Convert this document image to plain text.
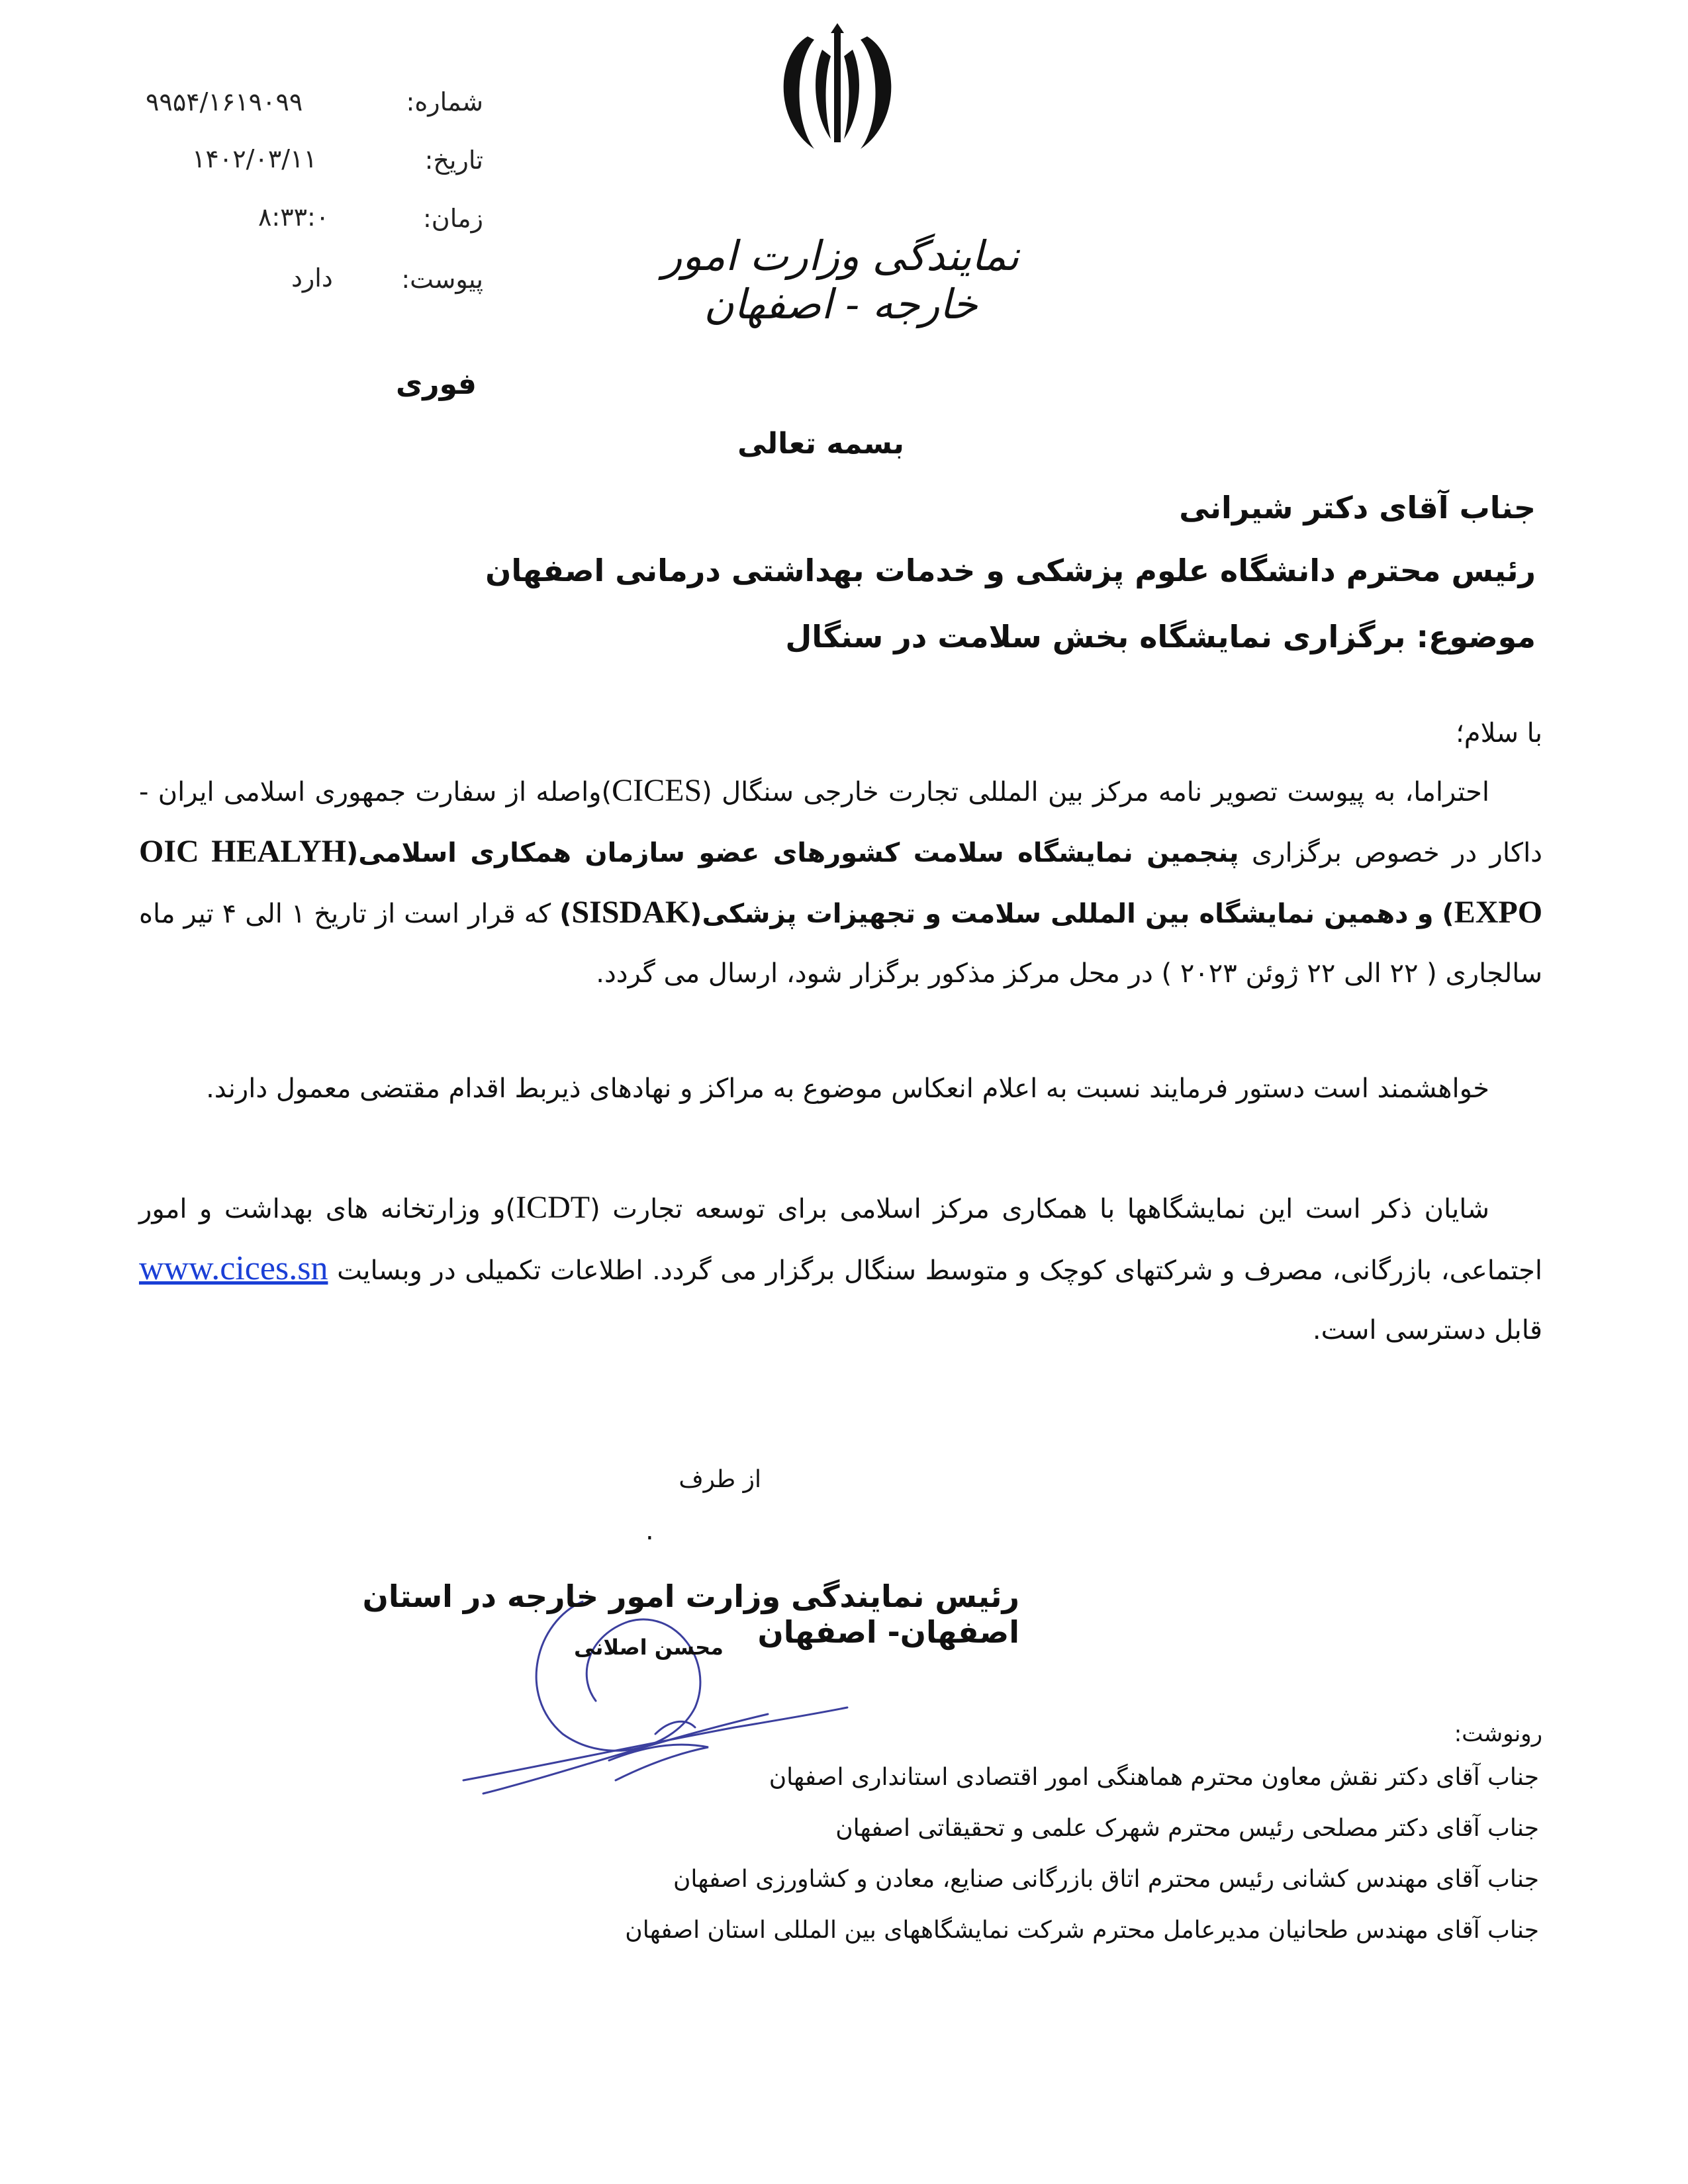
شماره:
۹۹۵۴/۱۶۱۹۰۹۹
تاریخ:
۱۴۰۲/۰۳/۱۱
زمان:
۸:۳۳:۰
پیوست:
دارد	نمایندگی وزارت امور خارجه - اصفهان
فوری
بسمه تعالی
جناب آقای دکتر شیرانی
رئیس محترم دانشگاه علوم پزشکی و خدمات بهداشتی درمانی اصفهان
موضوع: برگزاری نمایشگاه بخش سلامت در سنگال
با سلام؛
احتراما، به پیوست تصویر نامه مرکز بین المللی تجارت خارجی سنگال (CICES)واصله از سفارت جمهوری اسلامی ایران - داکار در خصوص برگزاری پنجمین نمایشگاه سلامت کشورهای عضو سازمان همکاری اسلامی(OIC HEALYH EXPO) و دهمین نمایشگاه بین المللی سلامت و تجهیزات پزشکی(SISDAK) که قرار است از تاریخ ۱ الی ۴ تیر ماه سالجاری ( ۲۲ الی ۲۲ ژوئن ۲۰۲۳ ) در محل مرکز مذکور برگزار شود، ارسال می گردد.
خواهشمند است دستور فرمایند نسبت به اعلام انعکاس موضوع به مراکز و نهادهای ذیربط اقدام مقتضی معمول دارند.
شایان ذکر است این نمایشگاهها با همکاری مرکز اسلامی برای توسعه تجارت (ICDT)و وزارتخانه های بهداشت و امور اجتماعی، بازرگانی، مصرف و شرکتهای کوچک و متوسط سنگال برگزار می گردد. اطلاعات تکمیلی در وبسایت www.cices.sn قابل دسترسی است.
از طرف
.
رئیس نمایندگی وزارت امور خارجه در استان اصفهان- اصفهان
محسن اصلانی
رونوشت:
جناب آقای دکتر نقش معاون محترم هماهنگی امور اقتصادی استانداری اصفهان
جناب آقای دکتر مصلحی رئیس محترم شهرک علمی و تحقیقاتی اصفهان
جناب آقای مهندس کشانی رئیس محترم اتاق بازرگانی صنایع، معادن و کشاورزی اصفهان
جناب آقای مهندس طحانیان مدیرعامل محترم شرکت نمایشگاههای بین المللی استان اصفهان
